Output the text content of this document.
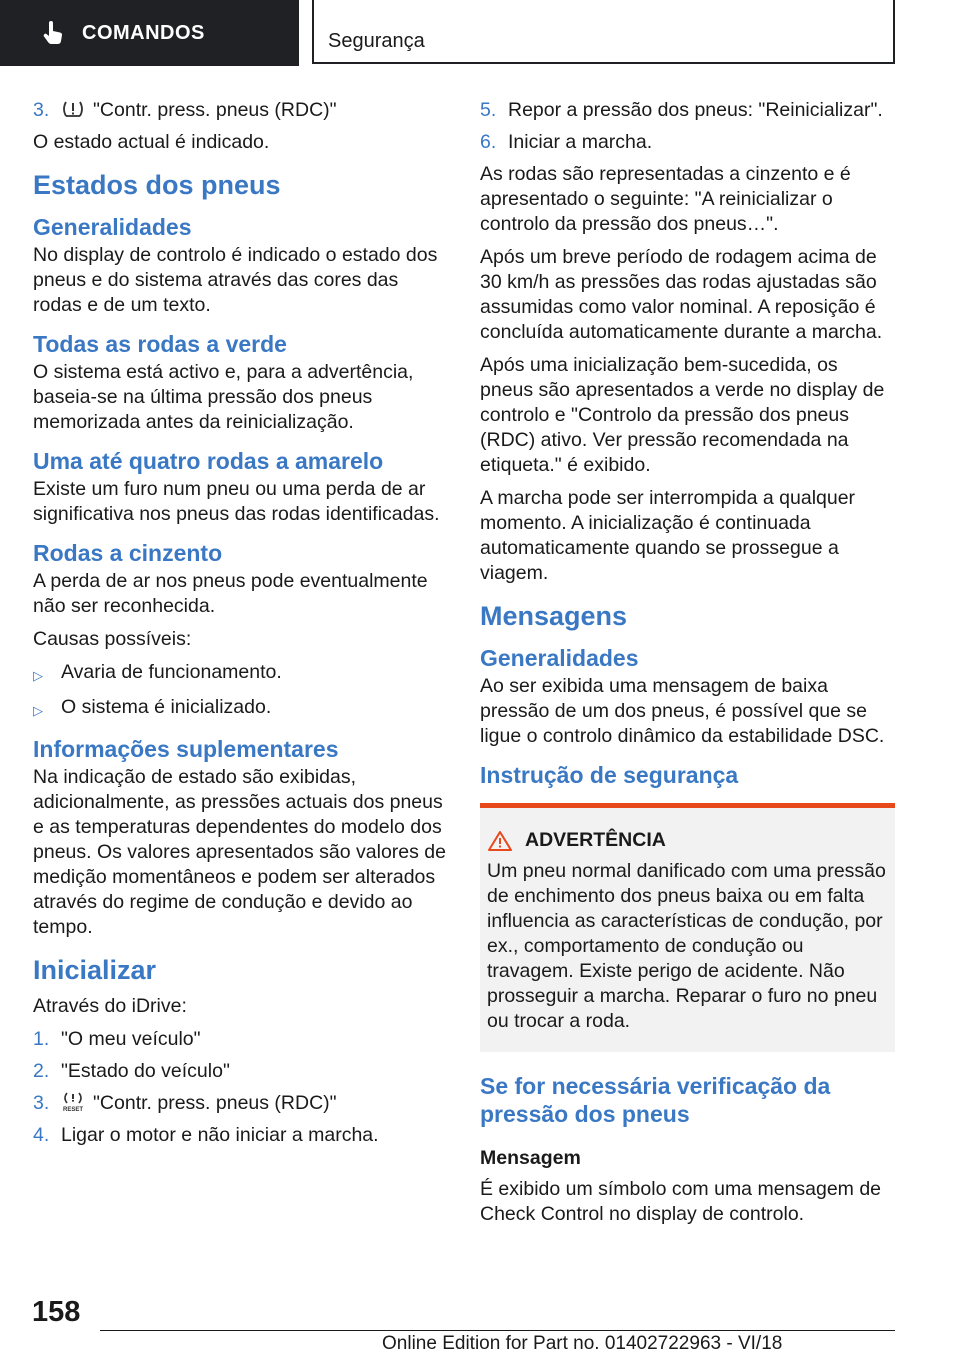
COMANDOS	Segurança
3.	"Contr. press. pneus (RDC)"

O estado actual é indicado.

Estados dos pneus
Generalidades

No display de controlo é indicado o estado dos pneus e do sistema através das cores das rodas e de um texto.

Todas as rodas a verde

O sistema está activo e, para a advertência, baseia-se na última pressão dos pneus memorizada antes da reinicialização.

Uma até quatro rodas a amarelo

Existe um furo num pneu ou uma perda de ar significativa nos pneus das rodas identificadas.

Rodas a cinzento

A perda de ar nos pneus pode eventualmente não ser reconhecida.

Causas possíveis:

▷ Avaria de funcionamento.
▷ O sistema é inicializado.
Informações suplementares

Na indicação de estado são exibidas, adicionalmente, as pressões actuais dos pneus e as temperaturas dependentes do modelo dos pneus. Os valores apresentados são valores de medição momentâneos e podem ser alterados através do regime de condução e devido ao tempo.

Inicializar

Através do iDrive:

1. "O meu veículo"
2. "Estado do veículo"
3.	RESET "Contr. press. pneus (RDC)"
4. Ligar o motor e não iniciar a marcha.
5. Repor a pressão dos pneus: "Reinicializar".
6. Iniciar a marcha.

As rodas são representadas a cinzento e é apresentado o seguinte: "A reinicializar o controlo da pressão dos pneus…".

Após um breve período de rodagem acima de 30 km/h as pressões das rodas ajustadas são assumidas como valor nominal. A reposição é concluída automaticamente durante a marcha.

Após uma inicialização bem-sucedida, os pneus são apresentados a verde no display de controlo e "Controlo da pressão dos pneus (RDC) ativo. Ver pressão recomendada na etiqueta." é exibido.

A marcha pode ser interrompida a qualquer momento. A inicialização é continuada automaticamente quando se prossegue a viagem.

Mensagens
Generalidades

Ao ser exibida uma mensagem de baixa pressão de um dos pneus, é possível que se ligue o controlo dinâmico da estabilidade DSC.

Instrução de segurança
ADVERTÊNCIA

Um pneu normal danificado com uma pressão de enchimento dos pneus baixa ou em falta influencia as características de condução, por ex., comportamento de condução ou travagem. Existe perigo de acidente. Não prosseguir a marcha. Reparar o furo no pneu ou trocar a roda.

Se for necessária verificação da pressão dos pneus
Mensagem

É exibido um símbolo com uma mensagem de Check Control no display de controlo.

158
Online Edition for Part no. 01402722963 - VI/18
